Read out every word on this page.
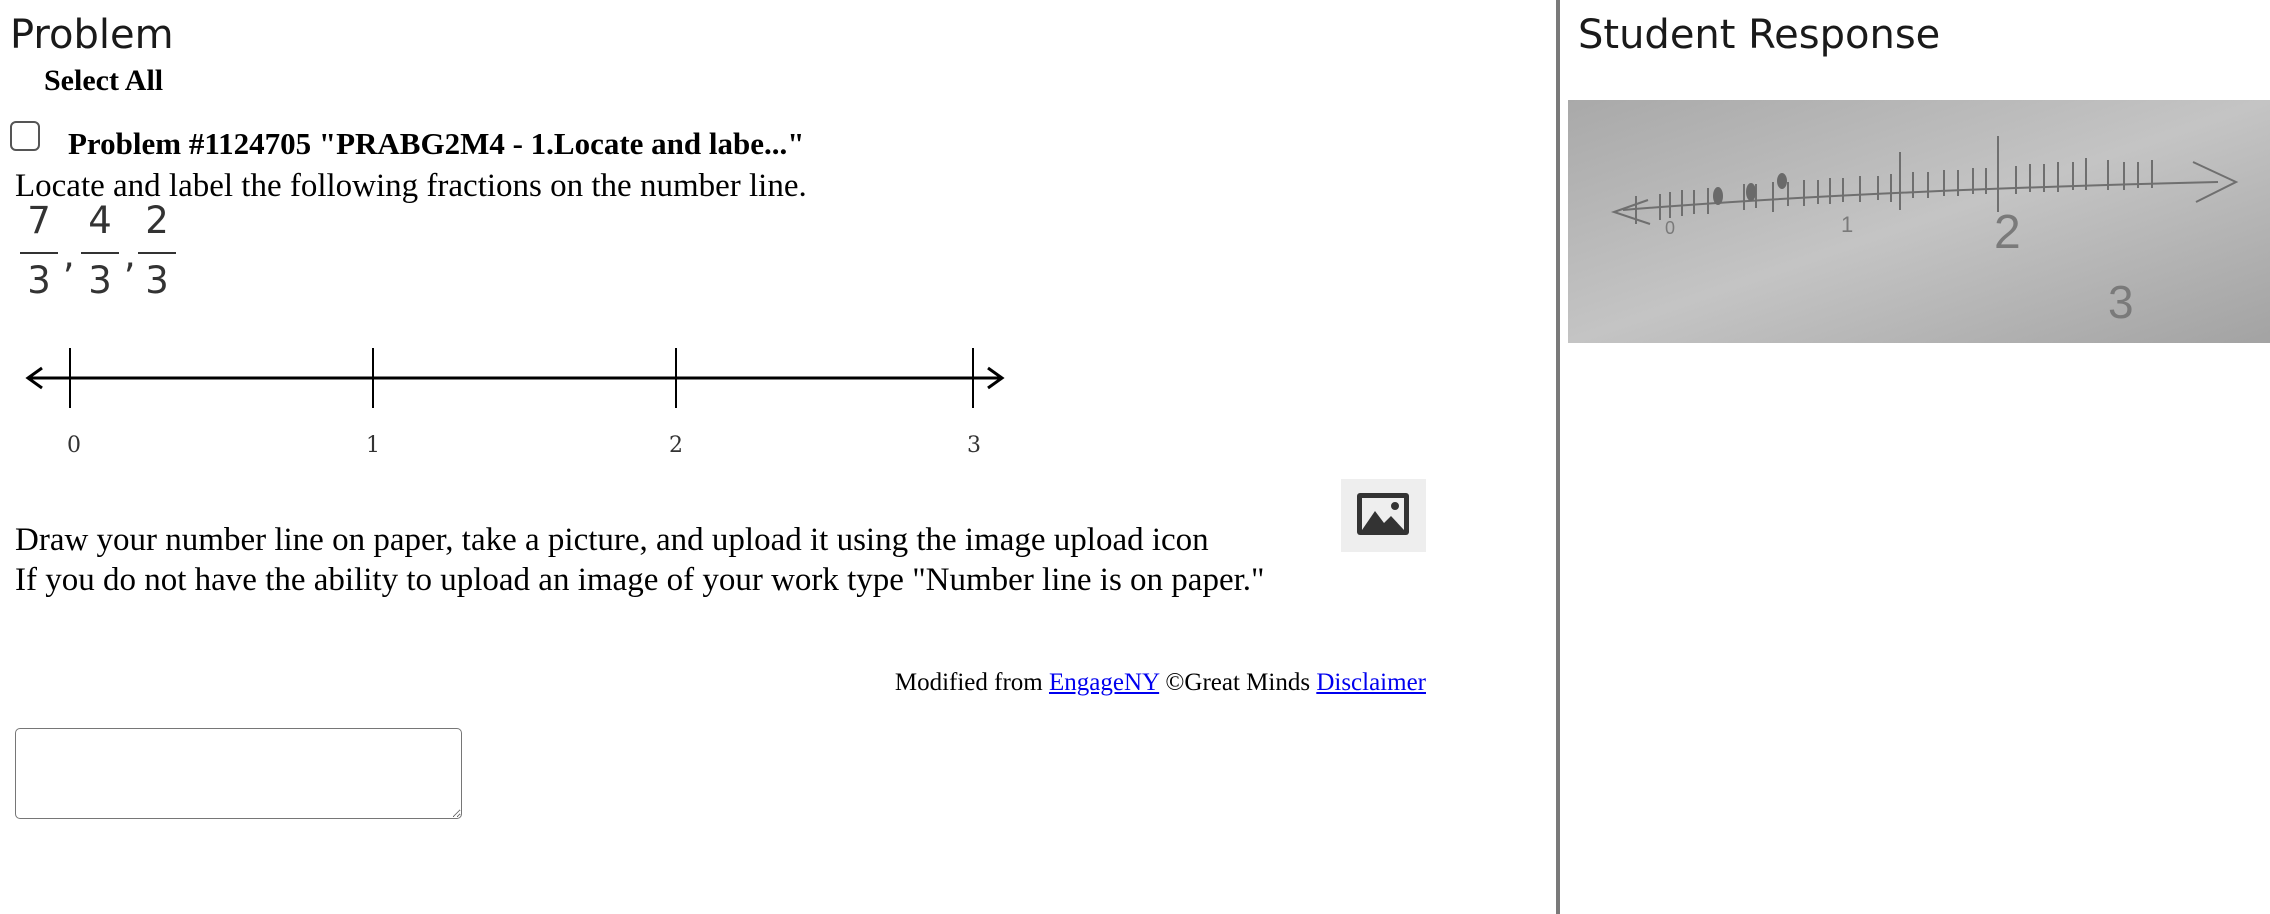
Problem
Select All
Problem #1124705 "PRABG2M4 - 1.Locate and labe..."
Locate and label the following fractions on the number line.
7
3
,
4
3
,
2
3
0	1	2	3
Draw your number line on paper, take a picture, and upload it using the image upload icon
If you do not have the ability to upload an image of your work type "Number line is on paper."
Modified from EngageNY ©Great Minds Disclaimer
Student Response
0	1	2
3
